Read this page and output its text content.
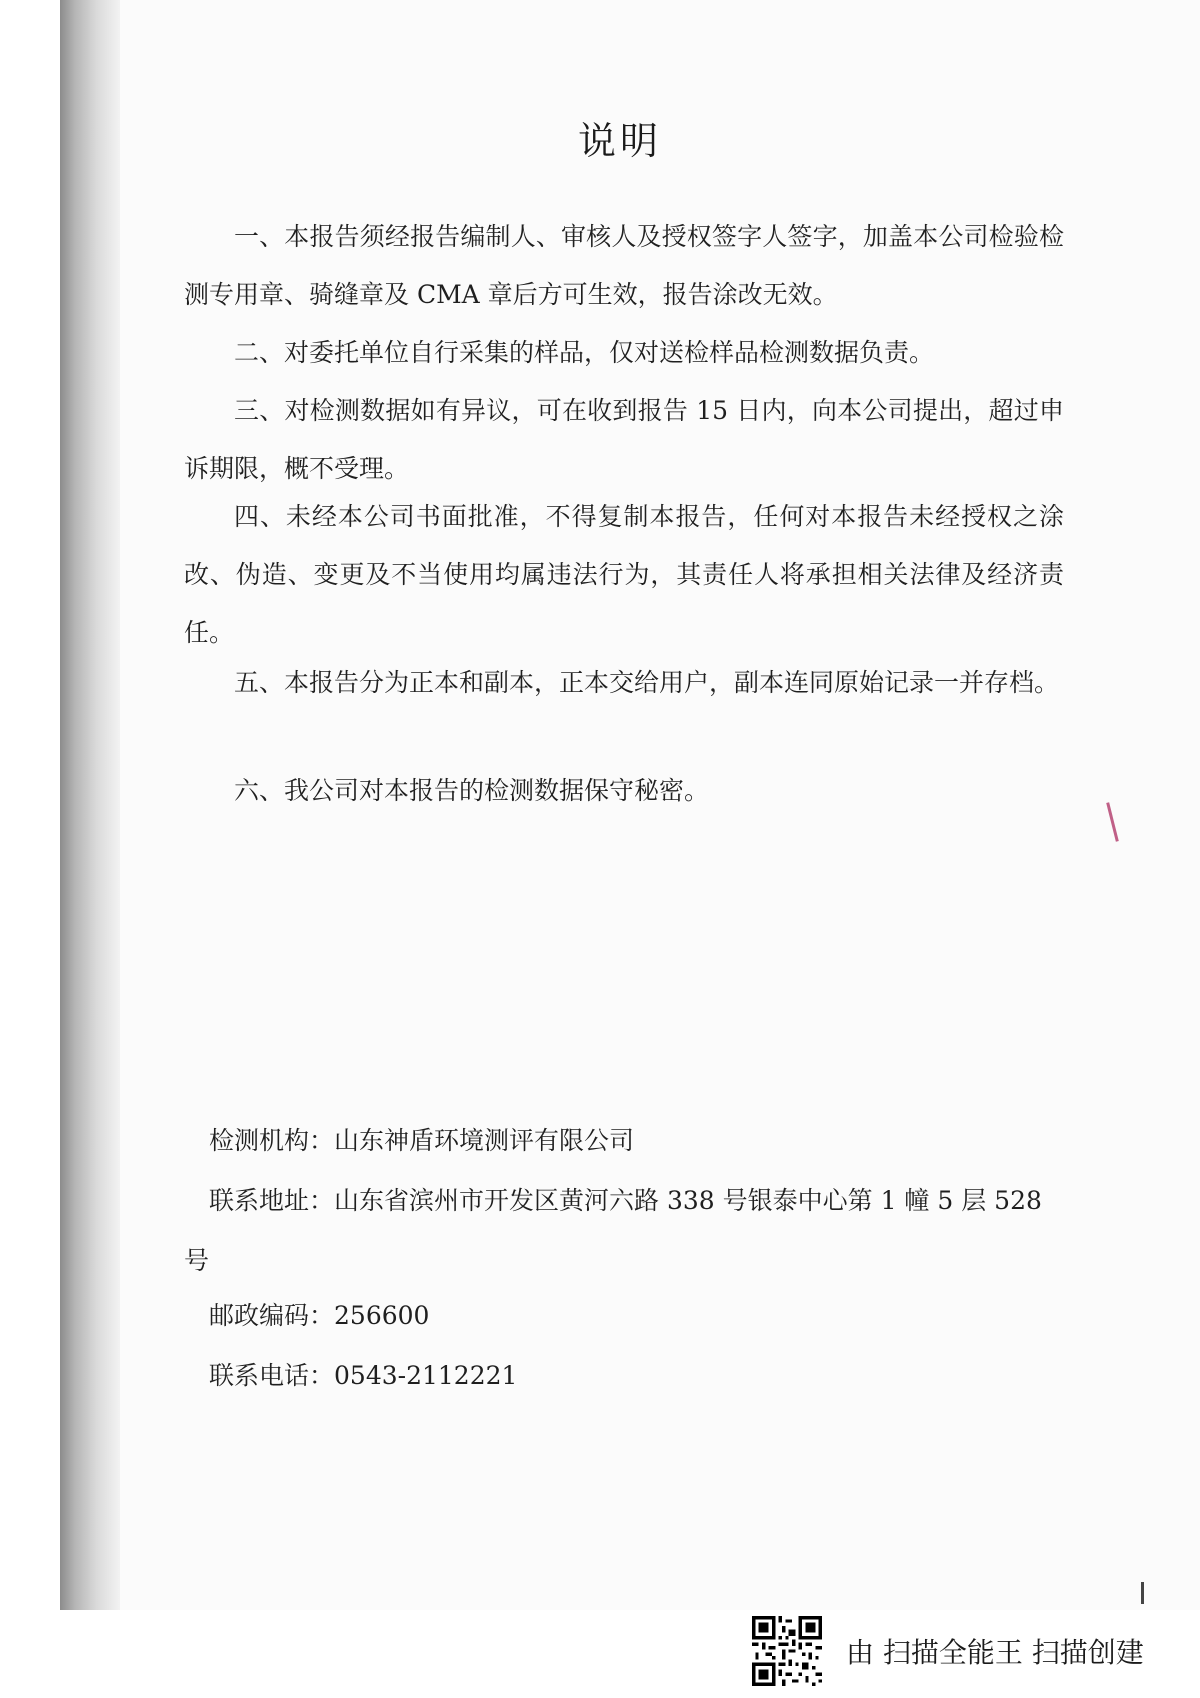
说明
一、本报告须经报告编制人、审核人及授权签字人签字，加盖本公司检验检测专用章、骑缝章及 CMA 章后方可生效，报告涂改无效。
二、对委托单位自行采集的样品，仅对送检样品检测数据负责。
三、对检测数据如有异议，可在收到报告 15 日内，向本公司提出，超过申诉期限，概不受理。
四、未经本公司书面批准，不得复制本报告，任何对本报告未经授权之涂改、伪造、变更及不当使用均属违法行为，其责任人将承担相关法律及经济责任。
五、本报告分为正本和副本，正本交给用户，副本连同原始记录一并存档。
六、我公司对本报告的检测数据保守秘密。
检测机构：山东神盾环境测评有限公司
联系地址：山东省滨州市开发区黄河六路 338 号银泰中心第 1 幢 5 层 528 号
邮政编码：256600
联系电话：0543-2112221
由 扫描全能王 扫描创建
